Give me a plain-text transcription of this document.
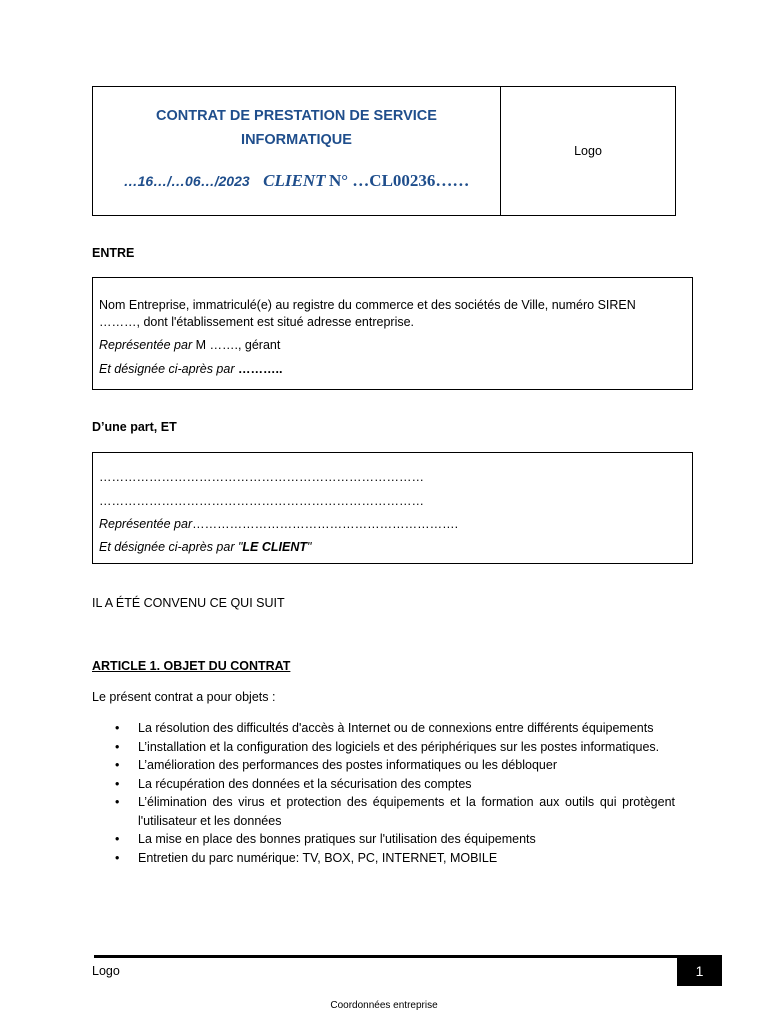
CONTRAT DE PRESTATION DE SERVICE
INFORMATIQUE
…16…/…06…/2023 CLIENT N° …CL00236……
Logo
ENTRE

Nom Entreprise, immatriculé(e) au registre du commerce et des sociétés de Ville, numéro SIREN

………, dont l'établissement est situé adresse entreprise.

Représentée par M ……., gérant

Et désignée ci-après par ………..

D’une part, ET

……………………………………………………………………

……………………………………………………………………

Représentée par……………………………………………………….

Et désignée ci-après par "LE CLIENT"

IL A ÉTÉ CONVENU CE QUI SUIT
ARTICLE 1. OBJET DU CONTRAT
Le présent contrat a pour objets :
• La résolution des difficultés d'accès à Internet ou de connexions entre différents équipements
• L’installation et la configuration des logiciels et des périphériques sur les postes informatiques.
• L’amélioration des performances des postes informatiques ou les débloquer
• La récupération des données et la sécurisation des comptes
• L’élimination des virus et protection des équipements et la formation aux outils qui protègent l'utilisateur et les données
• La mise en place des bonnes pratiques sur l'utilisation des équipements
• Entretien du parc numérique: TV, BOX, PC, INTERNET, MOBILE
1
Logo
Coordonnées entreprise
